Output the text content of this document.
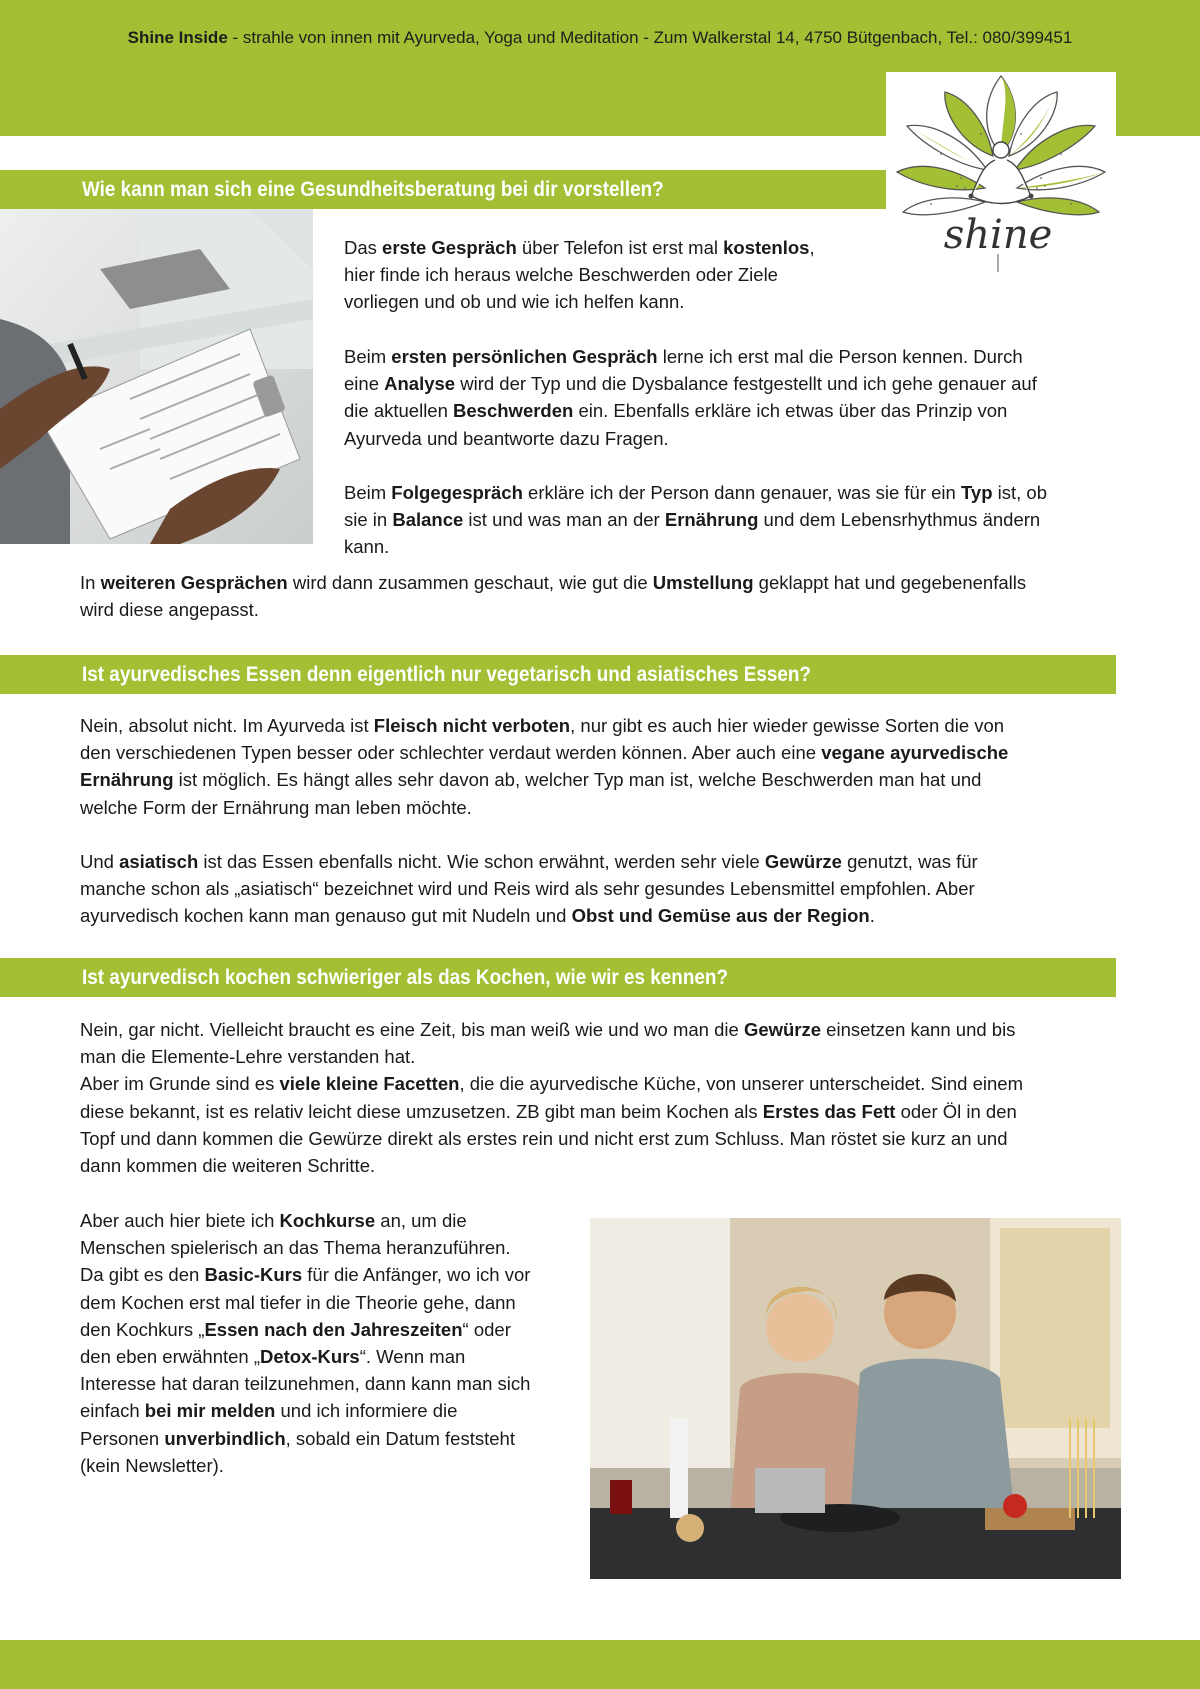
Shine Inside - strahle von innen mit Ayurveda, Yoga und Meditation - Zum Walkerstal 14, 4750 Bütgenbach, Tel.: 080/399451
shine
Wie kann man sich eine Gesundheitsberatung bei dir vorstellen?
Das erste Gespräch über Telefon ist erst mal kostenlos,
hier finde ich heraus welche Beschwerden oder Ziele
vorliegen und ob und wie ich helfen kann.
Beim ersten persönlichen Gespräch lerne ich erst mal die Person kennen. Durch
eine Analyse wird der Typ und die Dysbalance festgestellt und ich gehe genauer auf
die aktuellen Beschwerden ein. Ebenfalls erkläre ich etwas über das Prinzip von
Ayurveda und beantworte dazu Fragen.
Beim Folgegespräch erkläre ich der Person dann genauer, was sie für ein Typ ist, ob
sie in Balance ist und was man an der Ernährung und dem Lebensrhythmus ändern
kann.
In weiteren Gesprächen wird dann zusammen geschaut, wie gut die Umstellung geklappt hat und gegebenenfalls
wird diese angepasst.
Ist ayurvedisches Essen denn eigentlich nur vegetarisch und asiatisches Essen?
Nein, absolut nicht. Im Ayurveda ist Fleisch nicht verboten, nur gibt es auch hier wieder gewisse Sorten die von
den verschiedenen Typen besser oder schlechter verdaut werden können. Aber auch eine vegane ayurvedische
Ernährung ist möglich. Es hängt alles sehr davon ab, welcher Typ man ist, welche Beschwerden man hat und
welche Form der Ernährung man leben möchte.
Und asiatisch ist das Essen ebenfalls nicht. Wie schon erwähnt, werden sehr viele Gewürze genutzt, was für
manche schon als „asiatisch“ bezeichnet wird und Reis wird als sehr gesundes Lebensmittel empfohlen. Aber
ayurvedisch kochen kann man genauso gut mit Nudeln und Obst und Gemüse aus der Region.
Ist ayurvedisch kochen schwieriger als das Kochen, wie wir es kennen?
Nein, gar nicht. Vielleicht braucht es eine Zeit, bis man weiß wie und wo man die Gewürze einsetzen kann und bis
man die Elemente-Lehre verstanden hat.
Aber im Grunde sind es viele kleine Facetten, die die ayurvedische Küche, von unserer unterscheidet. Sind einem
diese bekannt, ist es relativ leicht diese umzusetzen. ZB gibt man beim Kochen als Erstes das Fett oder Öl in den
Topf und dann kommen die Gewürze direkt als erstes rein und nicht erst zum Schluss. Man röstet sie kurz an und
dann kommen die weiteren Schritte.
Aber auch hier biete ich Kochkurse an, um die
Menschen spielerisch an das Thema heranzuführen.
Da gibt es den Basic-Kurs für die Anfänger, wo ich vor
dem Kochen erst mal tiefer in die Theorie gehe, dann
den Kochkurs „Essen nach den Jahreszeiten“ oder
den eben erwähnten „Detox-Kurs“. Wenn man
Interesse hat daran teilzunehmen, dann kann man sich
einfach bei mir melden und ich informiere die
Personen unverbindlich, sobald ein Datum feststeht
(kein Newsletter).
